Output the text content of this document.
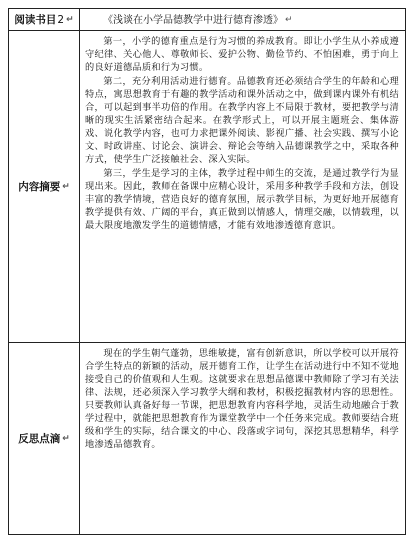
阅读书目 2 ↵	《浅谈在小学品德教学中进行德育渗透》 ↵
内容摘要 ↵

第一，小学的德育重点是行为习惯的养成教育。即让小学生从小养成遵守纪律、关心他人、尊敬师长、爱护公物、勤俭节约、不怕困难，勇于向上的良好道德品质和行为习惯。

第二，充分利用活动进行德育。品德教育还必须结合学生的年龄和心理特点，寓思想教育于有趣的教学活动和课外活动之中，做到课内课外有机结合，可以起到事半功倍的作用。在教学内容上不局限于教材，要把教学与清晰的现实生活紧密结合起来。在教学形式上，可以开展主题班会、集体游戏、说化教学内容，也可力求把课外阅读、影视广播、社会实践、撰写小论文、时政讲座、讨论会、演讲会、辩论会等纳入品德课教学之中，采取各种方式，使学生广泛接触社会、深入实际。

第三，学生是学习的主体，教学过程中师生的交流，是通过教学行为显现出来。因此，教师在备课中应精心设计，采用多种教学手段和方法，创设丰富的教学情境，营造良好的德育氛围，展示教学目标，为更好地开展德育教学提供有效、广阔的平台，真正做到以情感人，情理交融，以情载理，以最大限度地激发学生的道德情感，才能有效地渗透德育意识。

反思点滴 ↵

现在的学生朝气蓬勃，思维敏捷，富有创新意识，所以学校可以开展符合学生特点的新颖的活动，展开德育工作，让学生在活动进行中不知不觉地接受自己的价值观和人生观。这就要求在思想品德课中教师除了学习有关法律、法规，还必须深入学习教学大纲和教材，积极挖掘教材内容的思想性。只要教师认真备好每一节课，把思想教育内容科学地，灵活生动地融合于教学过程中，就能把思想教育作为课堂教学中一个任务来完成。教师要结合班级和学生的实际，结合课文的中心、段落或字词句，深挖其思想精华，科学地渗透品德教育。
